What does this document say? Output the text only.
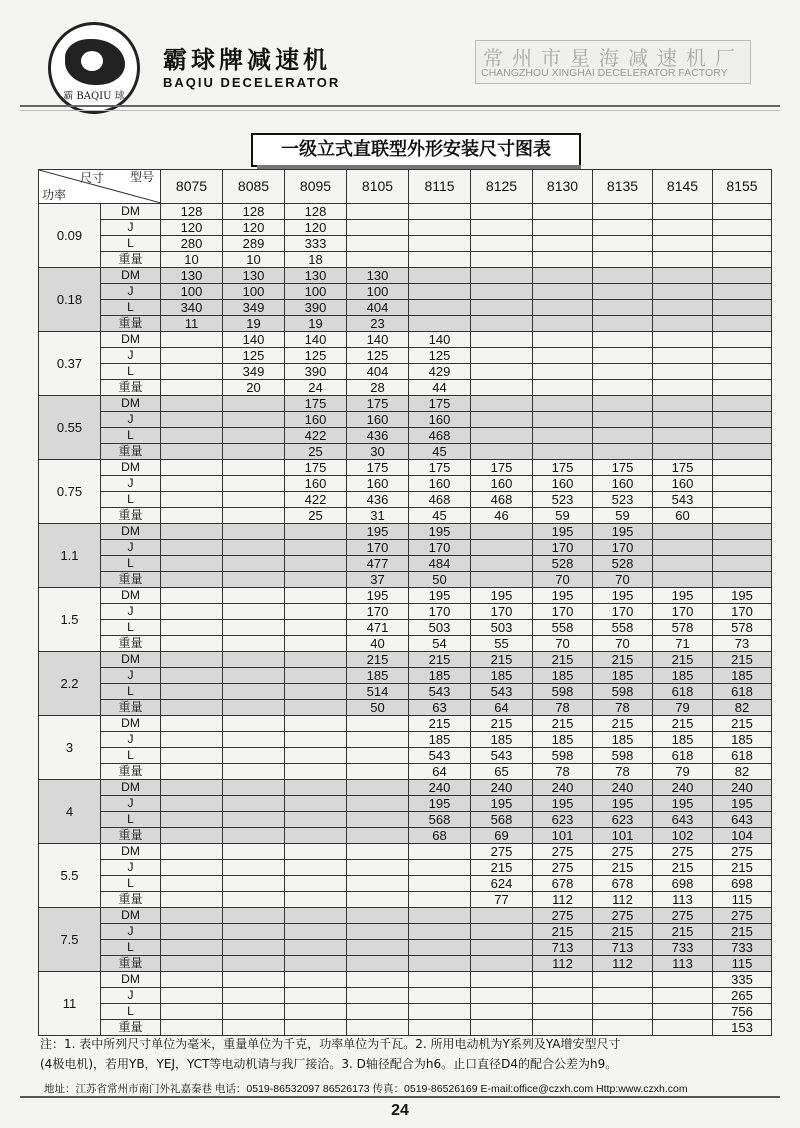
霸 BAQIU 球
霸球牌减速机
BAQIU DECELERATOR
常州市星海减速机厂
CHANGZHOU XINGHAI DECELERATOR FACTORY
一级立式直联型外形安装尺寸图表
尺寸 型号
功率		8075	8085	8095	8105	8115	8125	8130	8135	8145	8155
0.09	DM	128	128	128							
	J	120	120	120							
	L	280	289	333							
	重量	10	10	18							
0.18	DM	130	130	130	130						
	J	100	100	100	100						
	L	340	349	390	404						
	重量	11	19	19	23						
0.37	DM		140	140	140	140					
	J		125	125	125	125					
	L		349	390	404	429					
	重量		20	24	28	44					
0.55	DM			175	175	175					
	J			160	160	160					
	L			422	436	468					
	重量			25	30	45					
0.75	DM			175	175	175	175	175	175	175	
	J			160	160	160	160	160	160	160	
	L			422	436	468	468	523	523	543	
	重量			25	31	45	46	59	59	60	
1.1	DM				195	195		195	195		
	J				170	170		170	170		
	L				477	484		528	528		
	重量				37	50		70	70		
1.5	DM				195	195	195	195	195	195	195
	J				170	170	170	170	170	170	170
	L				471	503	503	558	558	578	578
	重量				40	54	55	70	70	71	73
2.2	DM				215	215	215	215	215	215	215
	J				185	185	185	185	185	185	185
	L				514	543	543	598	598	618	618
	重量				50	63	64	78	78	79	82
3	DM					215	215	215	215	215	215
	J					185	185	185	185	185	185
	L					543	543	598	598	618	618
	重量					64	65	78	78	79	82
4	DM					240	240	240	240	240	240
	J					195	195	195	195	195	195
	L					568	568	623	623	643	643
	重量					68	69	101	101	102	104
5.5	DM						275	275	275	275	275
	J						215	275	215	215	215
	L						624	678	678	698	698
	重量						77	112	112	113	115
7.5	DM							275	275	275	275
	J							215	215	215	215
	L							713	713	733	733
	重量							112	112	113	115
11	DM										335
	J										265
	L										756
	重量										153
注：1. 表中所列尺寸单位为毫米，重量单位为千克，功率单位为千瓦。2. 所用电动机为Y系列及YA增安型尺寸
(4极电机)，若用YB，YEJ，YCT等电动机请与我厂接洽。3. D轴径配合为h6。止口直径D4的配合公差为h9。
地址：江苏省常州市南门外礼嘉秦巷 电话：0519-86532097 86526173 传真：0519-86526169 E-mail:office@czxh.com Http:www.czxh.com
24
